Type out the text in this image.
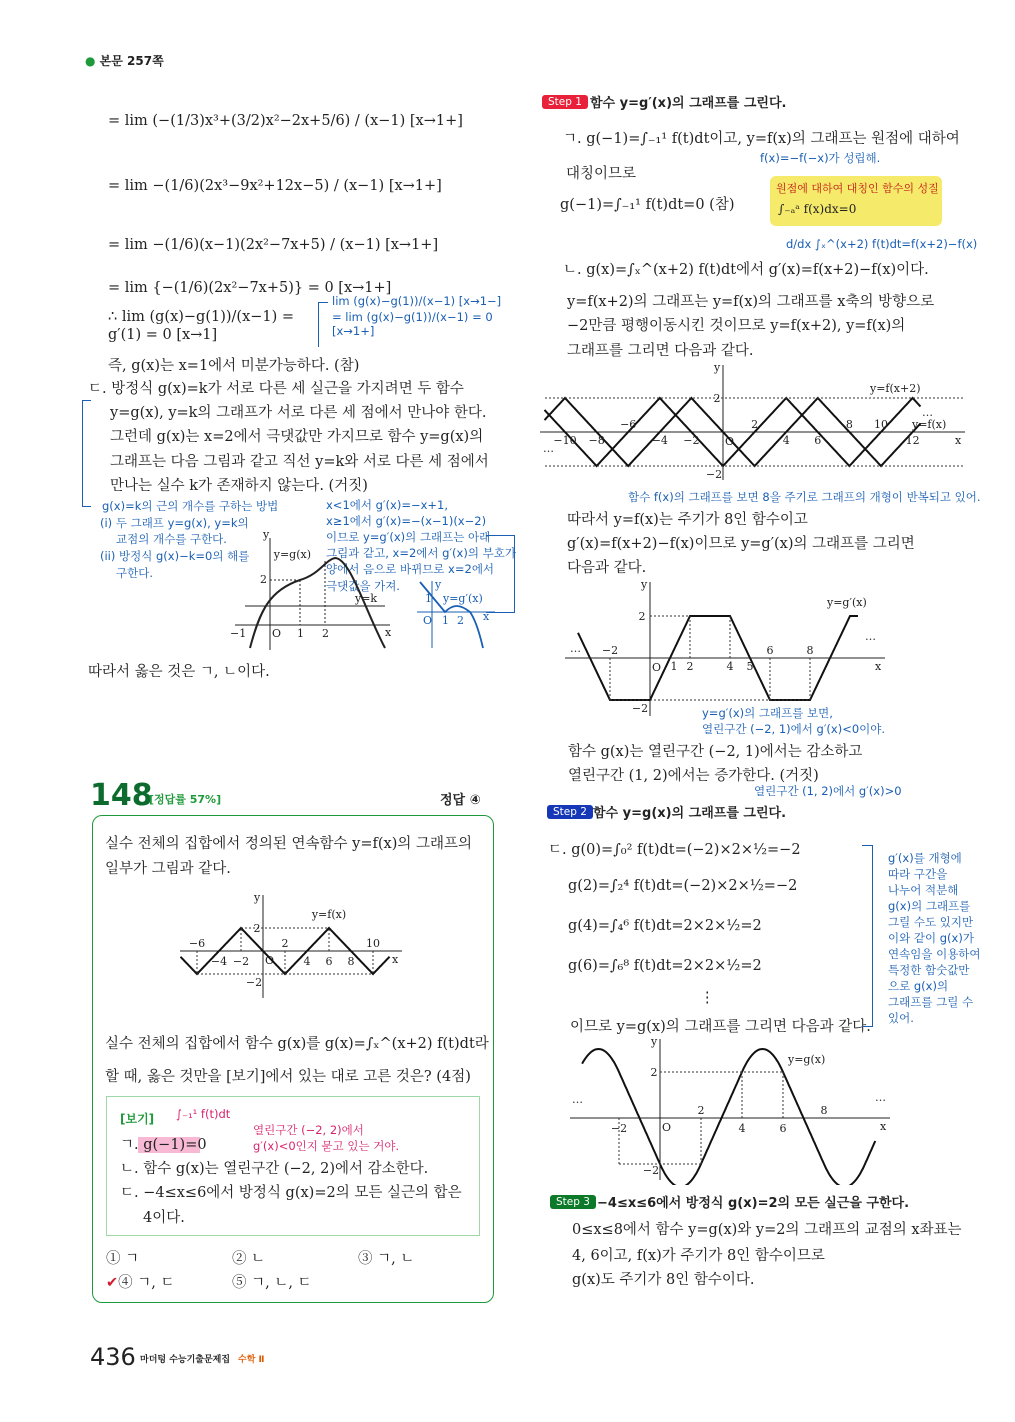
● 본문 257쪽
= lim (−(1/3)x³+(3/2)x²−2x+5/6) / (x−1) [x→1+]
= lim −(1/6)(2x³−9x²+12x−5) / (x−1) [x→1+]
= lim −(1/6)(x−1)(2x²−7x+5) / (x−1) [x→1+]
= lim {−(1/6)(2x²−7x+5)} = 0 [x→1+]
∴ lim (g(x)−g(1))/(x−1) = g′(1) = 0 [x→1]
즉, g(x)는 x=1에서 미분가능하다. (참)
lim (g(x)−g(1))/(x−1) [x→1−]
= lim (g(x)−g(1))/(x−1) = 0 [x→1+]
ㄷ. 방정식 g(x)=k가 서로 다른 세 실근을 가지려면 두 함수
y=g(x), y=k의 그래프가 서로 다른 세 점에서 만나야 한다.
그런데 g(x)는 x=2에서 극댓값만 가지므로 함수 y=g(x)의
그래프는 다음 그림과 같고 직선 y=k와 서로 다른 세 점에서
만나는 실수 k가 존재하지 않는다. (거짓)
g(x)=k의 근의 개수를 구하는 방법
(i) 두 그래프 y=g(x), y=k의
교점의 개수를 구한다.
(ii) 방정식 g(x)−k=0의 해를
구한다.
x<1에서 g′(x)=−x+1,
x≥1에서 g′(x)=−(x−1)(x−2)
이므로 y=g′(x)의 그래프는 아래
그림과 같고, x=2에서 g′(x)의 부호가
양에서 음으로 바뀌므로 x=2에서
극댓값을 가져.
y
x
O
−1	1 2
2
y=g(x)
y=k	1
O 1 2 x
y
y=g′(x)
따라서 옳은 것은 ㄱ, ㄴ이다.
148
[정답률 57%]	정답 ④
실수 전체의 집합에서 정의된 연속함수 y=f(x)의 그래프의
일부가 그림과 같다.
y
x
O
−6
−4 −2
2
4 6 8
10
2
−2
y=f(x)
실수 전체의 집합에서 함수 g(x)를 g(x)=∫ₓ^(x+2) f(t)dt라
할 때, 옳은 것만을 [보기]에서 있는 대로 고른 것은? (4점)
[보기] ∫₋₁¹ f(t)dt
열린구간 (−2, 2)에서
g′(x)<0인지 묻고 있는 거야.
ㄱ. g(−1)=0
ㄴ. 함수 g(x)는 열린구간 (−2, 2)에서 감소한다.
ㄷ. −4≤x≤6에서 방정식 g(x)=2의 모든 실근의 합은
4이다.
① ㄱ	② ㄴ	③ ㄱ, ㄴ
✔④ ㄱ, ㄷ	⑤ ㄱ, ㄴ, ㄷ
436 마더텅 수능기출문제집 수학 Ⅱ
Step 1 함수 y=g′(x)의 그래프를 그린다.
ㄱ. g(−1)=∫₋₁¹ f(t)dt이고, y=f(x)의 그래프는 원점에 대하여
f(x)=−f(−x)가 성립해.
대칭이므로
g(−1)=∫₋₁¹ f(t)dt=0 (참)
원점에 대하여 대칭인 함수의 성질
∫₋ₐᵃ f(x)dx=0
d/dx ∫ₓ^(x+2) f(t)dt=f(x+2)−f(x)
ㄴ. g(x)=∫ₓ^(x+2) f(t)dt에서 g′(x)=f(x+2)−f(x)이다.
y=f(x+2)의 그래프는 y=f(x)의 그래프를 x축의 방향으로
−2만큼 평행이동시킨 것이므로 y=f(x+2), y=f(x)의
그래프를 그리면 다음과 같다.
y
x
O
−10 −8
−6
−4 −2
2
4 6
8 10
12
2
−2
y=f(x+2)
y=f(x)
…
…
함수 f(x)의 그래프를 보면 8을 주기로 그래프의 개형이 반복되고 있어.
따라서 y=f(x)는 주기가 8인 함수이고
g′(x)=f(x+2)−f(x)이므로 y=g′(x)의 그래프를 그리면
다음과 같다.
y
x
O
−2
1 2	4 5
6	8
2
−2
y=g′(x)
…
…
y=g′(x)의 그래프를 보면,
열린구간 (−2, 1)에서 g′(x)<0이야.
함수 g(x)는 열린구간 (−2, 1)에서는 감소하고
열린구간 (1, 2)에서는 증가한다. (거짓)
열린구간 (1, 2)에서 g′(x)>0
Step 2 함수 y=g(x)의 그래프를 그린다.
ㄷ. g(0)=∫₀² f(t)dt=(−2)×2×½=−2
g(2)=∫₂⁴ f(t)dt=(−2)×2×½=−2
g(4)=∫₄⁶ f(t)dt=2×2×½=2
g(6)=∫₆⁸ f(t)dt=2×2×½=2
⋮
이므로 y=g(x)의 그래프를 그리면 다음과 같다.
g′(x)를 개형에
따라 구간을
나누어 적분해
g(x)의 그래프를
그릴 수도 있지만
이와 같이 g(x)가
연속임을 이용하여
특정한 함숫값만
으로 g(x)의
그래프를 그릴 수
있어.
y
x
O
−2
2
4	6
8
2
−2
y=g(x)
…	…
Step 3 −4≤x≤6에서 방정식 g(x)=2의 모든 실근을 구한다.
0≤x≤8에서 함수 y=g(x)와 y=2의 그래프의 교점의 x좌표는
4, 6이고, f(x)가 주기가 8인 함수이므로
g(x)도 주기가 8인 함수이다.
